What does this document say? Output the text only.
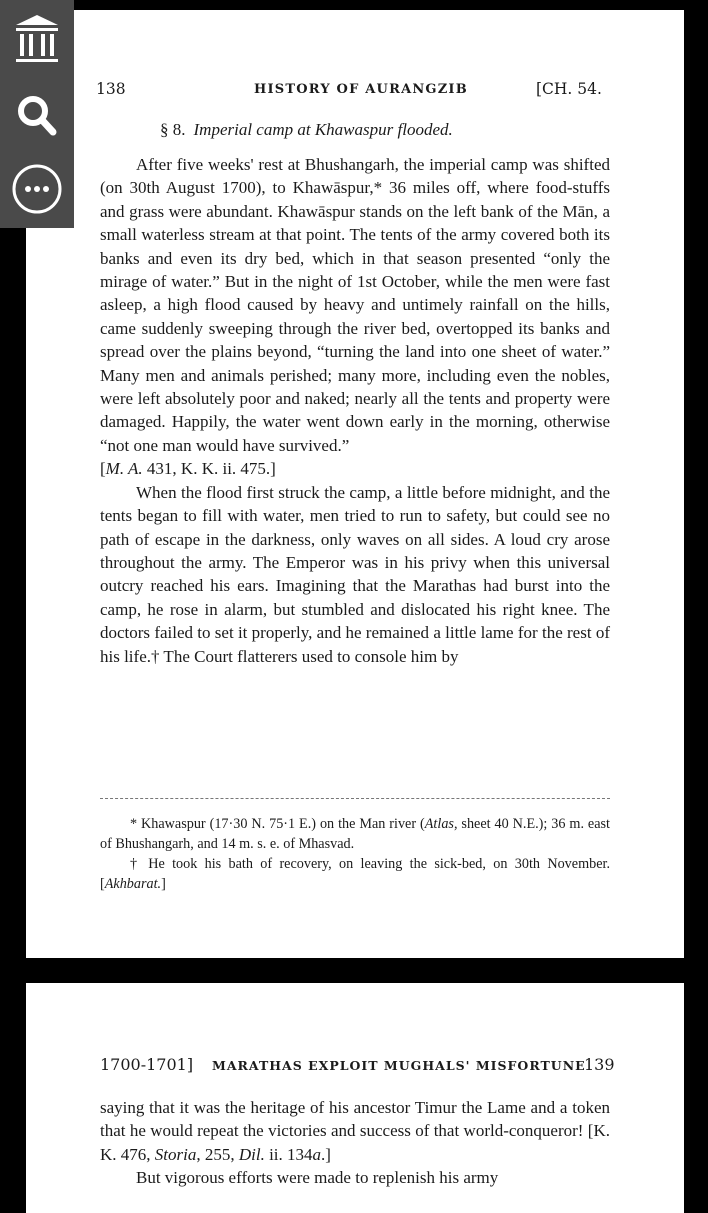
138	HISTORY OF AURANGZIB	[CH. 54.
§ 8. Imperial camp at Khawaspur flooded.

After five weeks' rest at Bhushangarh, the imperial camp was shifted (on 30th August 1700), to Khawāspur,* 36 miles off, where food-stuffs and grass were abundant. Khawāspur stands on the left bank of the Mān, a small waterless stream at that point. The tents of the army covered both its banks and even its dry bed, which in that season presented “only the mirage of water.” But in the night of 1st October, while the men were fast asleep, a high flood caused by heavy and untimely rainfall on the hills, came suddenly sweeping through the river bed, overtopped its banks and spread over the plains beyond, “turning the land into one sheet of water.” Many men and animals perished; many more, including even the nobles, were left absolutely poor and naked; nearly all the tents and property were damaged. Happily, the water went down early in the morning, otherwise “not one man would have survived.”

[M. A. 431, K. K. ii. 475.]

When the flood first struck the camp, a little before midnight, and the tents began to fill with water, men tried to run to safety, but could see no path of escape in the darkness, only waves on all sides. A loud cry arose throughout the army. The Emperor was in his privy when this universal outcry reached his ears. Imagining that the Marathas had burst into the camp, he rose in alarm, but stumbled and dislocated his right knee. The doctors failed to set it properly, and he remained a little lame for the rest of his life.† The Court flatterers used to console him by

* Khawaspur (17·30 N. 75·1 E.) on the Man river (Atlas, sheet 40 N.E.); 36 m. east of Bhushangarh, and 14 m. s. e. of Mhasvad.

† He took his bath of recovery, on leaving the sick-bed, on 30th November. [Akhbarat.]

1700-1701] MARATHAS EXPLOIT MUGHALS' MISFORTUNE
139

saying that it was the heritage of his ancestor Timur the Lame and a token that he would repeat the victories and success of that world-conqueror! [K. K. 476, Storia, 255, Dil. ii. 134a.]

But vigorous efforts were made to replenish his army
